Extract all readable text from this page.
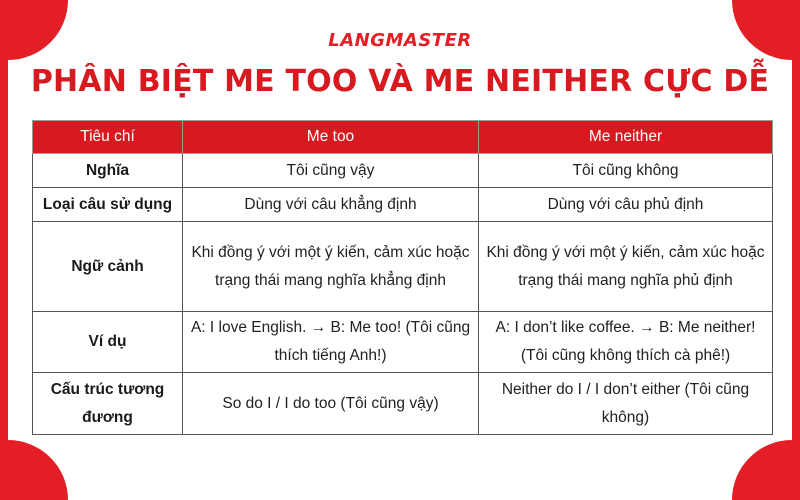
LANGMASTER
PHÂN BIỆT ME TOO VÀ ME NEITHER CỰC DỄ
Tiêu chí	Me too	Me neither
Nghĩa	Tôi cũng vậy	Tôi cũng không
Loại câu sử dụng	Dùng với câu khẳng định	Dùng với câu phủ định
Ngữ cảnh	Khi đồng ý với một ý kiến, cảm xúc hoặc trạng thái mang nghĩa khẳng định	Khi đồng ý với một ý kiến, cảm xúc hoặc trạng thái mang nghĩa phủ định
Ví dụ	A: I love English. → B: Me too! (Tôi cũng thích tiếng Anh!)	A: I don’t like coffee. → B: Me neither! (Tôi cũng không thích cà phê!)
Cấu trúc tương đương	So do I / I do too (Tôi cũng vậy)	Neither do I / I don’t either (Tôi cũng không)
